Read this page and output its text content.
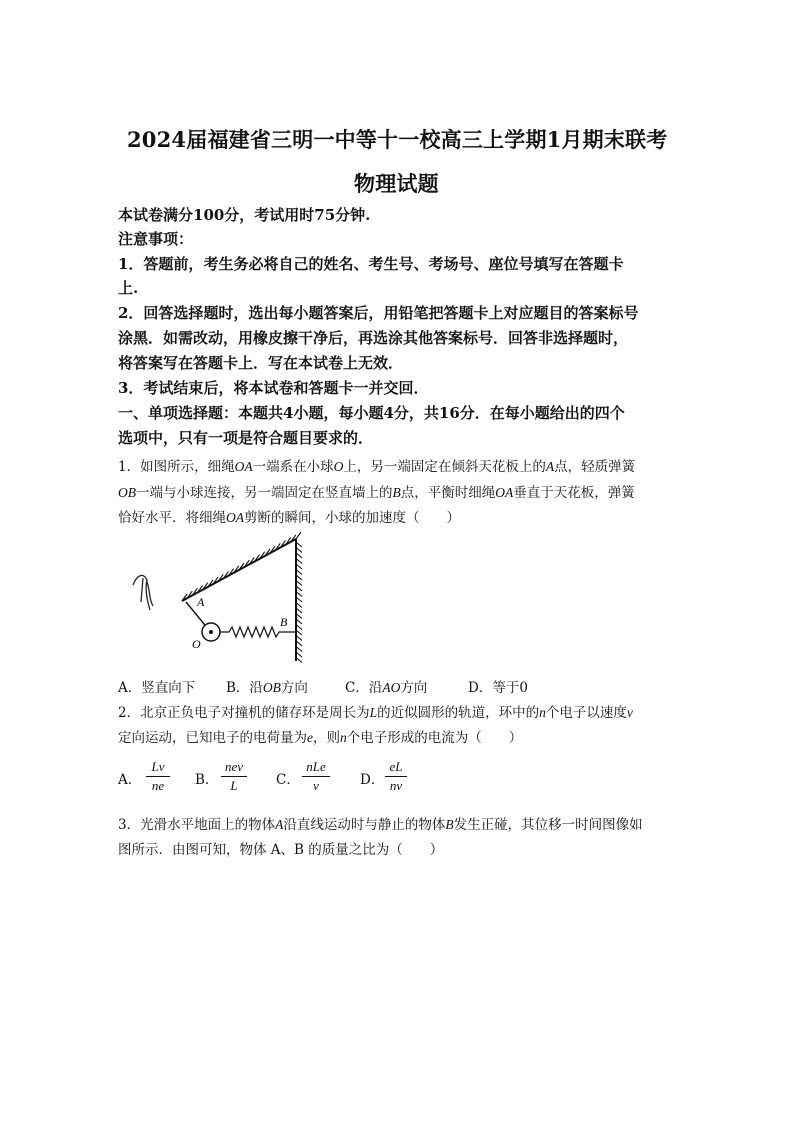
2024届福建省三明一中等十一校高三上学期1月期末联考
物理试题
本试卷满分100分，考试用时75分钟.
注意事项：
1．答题前，考生务必将自己的姓名、考生号、考场号、座位号填写在答题卡
上.
2．回答选择题时，选出每小题答案后，用铅笔把答题卡上对应题目的答案标号
涂黑．如需改动，用橡皮擦干净后，再选涂其他答案标号．回答非选择题时，
将答案写在答题卡上．写在本试卷上无效．
3．考试结束后，将本试卷和答题卡一并交回．
一、单项选择题：本题共4小题，每小题4分，共16分．在每小题给出的四个
选项中，只有一项是符合题目要求的．
1．如图所示，细绳OA一端系在小球O上，另一端固定在倾斜天花板上的A点，轻质弹簧
OB一端与小球连接，另一端固定在竖直墙上的B点，平衡时细绳OA垂直于天花板，弹簧
恰好水平．将细绳OA剪断的瞬间，小球的加速度（　　）
A
B
O
A．竖直向下 B．沿OB方向	C．沿AO方向	D．等于0
2．北京正负电子对撞机的储存环是周长为L的近似圆形的轨道，环中的n个电子以速度v
定向运动，已知电子的电荷量为e，则n个电子形成的电流为（　　）
A．
Lv
ne	B．
nev
L	C．
nLe
v	D．
eL
nv
3．光滑水平地面上的物体A沿直线运动时与静止的物体B发生正碰，其位移一时间图像如
图所示．由图可知，物体 A、B 的质量之比为（　　）
